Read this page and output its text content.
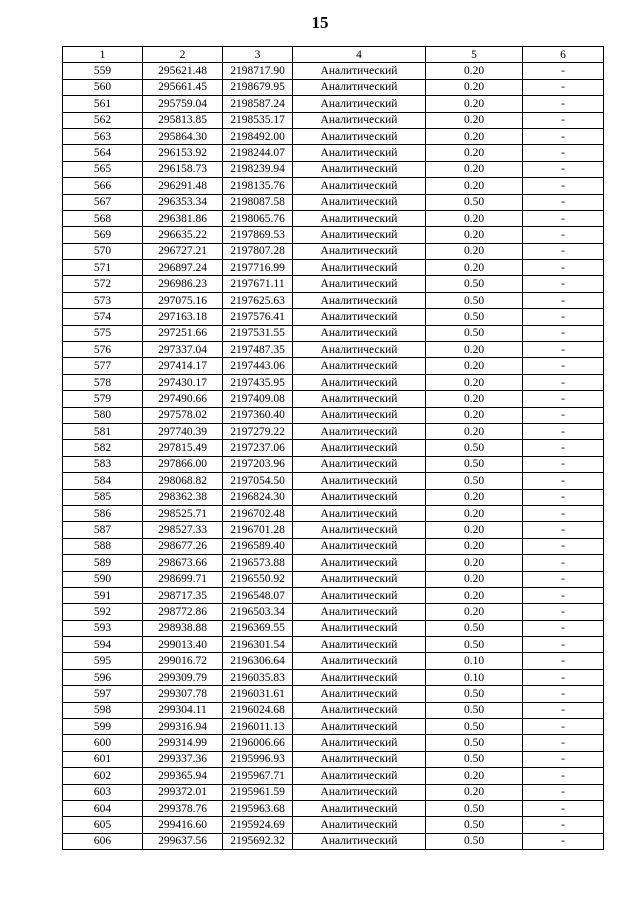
15
1	2	3	4	5	6
559	295621.48	2198717.90	Аналитический	0.20	-
560	295661.45	2198679.95	Аналитический	0.20	-
561	295759.04	2198587.24	Аналитический	0.20	-
562	295813.85	2198535.17	Аналитический	0.20	-
563	295864.30	2198492.00	Аналитический	0.20	-
564	296153.92	2198244.07	Аналитический	0.20	-
565	296158.73	2198239.94	Аналитический	0.20	-
566	296291.48	2198135.76	Аналитический	0.20	-
567	296353.34	2198087.58	Аналитический	0.50	-
568	296381.86	2198065.76	Аналитический	0.20	-
569	296635.22	2197869.53	Аналитический	0.20	-
570	296727.21	2197807.28	Аналитический	0.20	-
571	296897.24	2197716.99	Аналитический	0.20	-
572	296986.23	2197671.11	Аналитический	0.50	-
573	297075.16	2197625.63	Аналитический	0.50	-
574	297163.18	2197576.41	Аналитический	0.50	-
575	297251.66	2197531.55	Аналитический	0.50	-
576	297337.04	2197487.35	Аналитический	0.20	-
577	297414.17	2197443.06	Аналитический	0.20	-
578	297430.17	2197435.95	Аналитический	0.20	-
579	297490.66	2197409.08	Аналитический	0.20	-
580	297578.02	2197360.40	Аналитический	0.20	-
581	297740.39	2197279.22	Аналитический	0.20	-
582	297815.49	2197237.06	Аналитический	0.50	-
583	297866.00	2197203.96	Аналитический	0.50	-
584	298068.82	2197054.50	Аналитический	0.50	-
585	298362.38	2196824.30	Аналитический	0.20	-
586	298525.71	2196702.48	Аналитический	0.20	-
587	298527.33	2196701.28	Аналитический	0.20	-
588	298677.26	2196589.40	Аналитический	0.20	-
589	298673.66	2196573.88	Аналитический	0.20	-
590	298699.71	2196550.92	Аналитический	0.20	-
591	298717.35	2196548.07	Аналитический	0.20	-
592	298772.86	2196503.34	Аналитический	0.20	-
593	298938.88	2196369.55	Аналитический	0.50	-
594	299013.40	2196301.54	Аналитический	0.50	-
595	299016.72	2196306.64	Аналитический	0.10	-
596	299309.79	2196035.83	Аналитический	0.10	-
597	299307.78	2196031.61	Аналитический	0.50	-
598	299304.11	2196024.68	Аналитический	0.50	-
599	299316.94	2196011.13	Аналитический	0.50	-
600	299314.99	2196006.66	Аналитический	0.50	-
601	299337.36	2195996.93	Аналитический	0.50	-
602	299365.94	2195967.71	Аналитический	0.20	-
603	299372.01	2195961.59	Аналитический	0.20	-
604	299378.76	2195963.68	Аналитический	0.50	-
605	299416.60	2195924.69	Аналитический	0.50	-
606	299637.56	2195692.32	Аналитический	0.50	-
